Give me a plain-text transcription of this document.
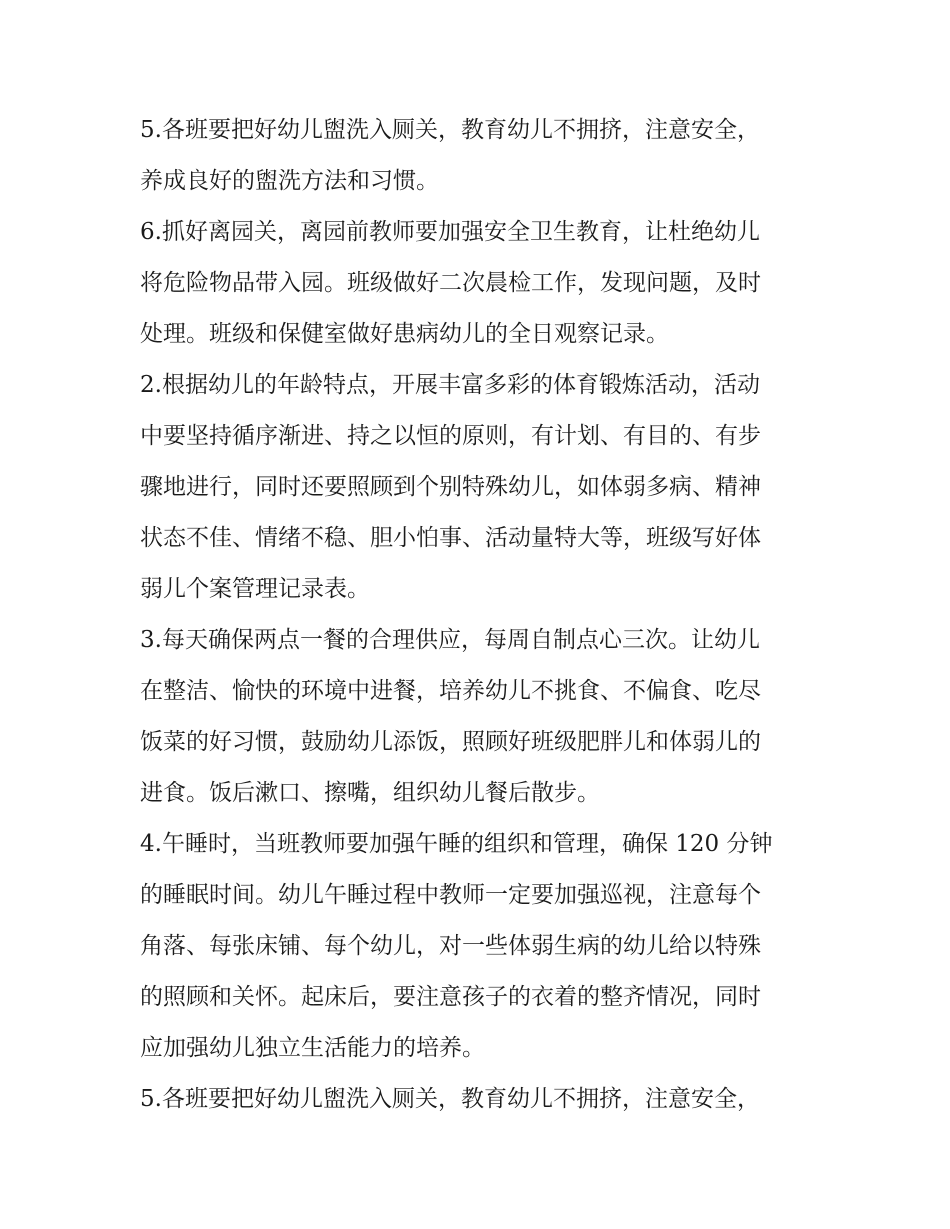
5.各班要把好幼儿盥洗入厕关，教育幼儿不拥挤，注意安全，
养成良好的盥洗方法和习惯。
6.抓好离园关，离园前教师要加强安全卫生教育，让杜绝幼儿
将危险物品带入园。班级做好二次晨检工作，发现问题，及时
处理。班级和保健室做好患病幼儿的全日观察记录。
2.根据幼儿的年龄特点，开展丰富多彩的体育锻炼活动，活动
中要坚持循序渐进、持之以恒的原则，有计划、有目的、有步
骤地进行，同时还要照顾到个别特殊幼儿，如体弱多病、精神
状态不佳、情绪不稳、胆小怕事、活动量特大等，班级写好体
弱儿个案管理记录表。
3.每天确保两点一餐的合理供应，每周自制点心三次。让幼儿
在整洁、愉快的环境中进餐，培养幼儿不挑食、不偏食、吃尽
饭菜的好习惯，鼓励幼儿添饭，照顾好班级肥胖儿和体弱儿的
进食。饭后漱口、擦嘴，组织幼儿餐后散步。
4.午睡时，当班教师要加强午睡的组织和管理，确保 120 分钟
的睡眠时间。幼儿午睡过程中教师一定要加强巡视，注意每个
角落、每张床铺、每个幼儿，对一些体弱生病的幼儿给以特殊
的照顾和关怀。起床后，要注意孩子的衣着的整齐情况，同时
应加强幼儿独立生活能力的培养。
5.各班要把好幼儿盥洗入厕关，教育幼儿不拥挤，注意安全，
